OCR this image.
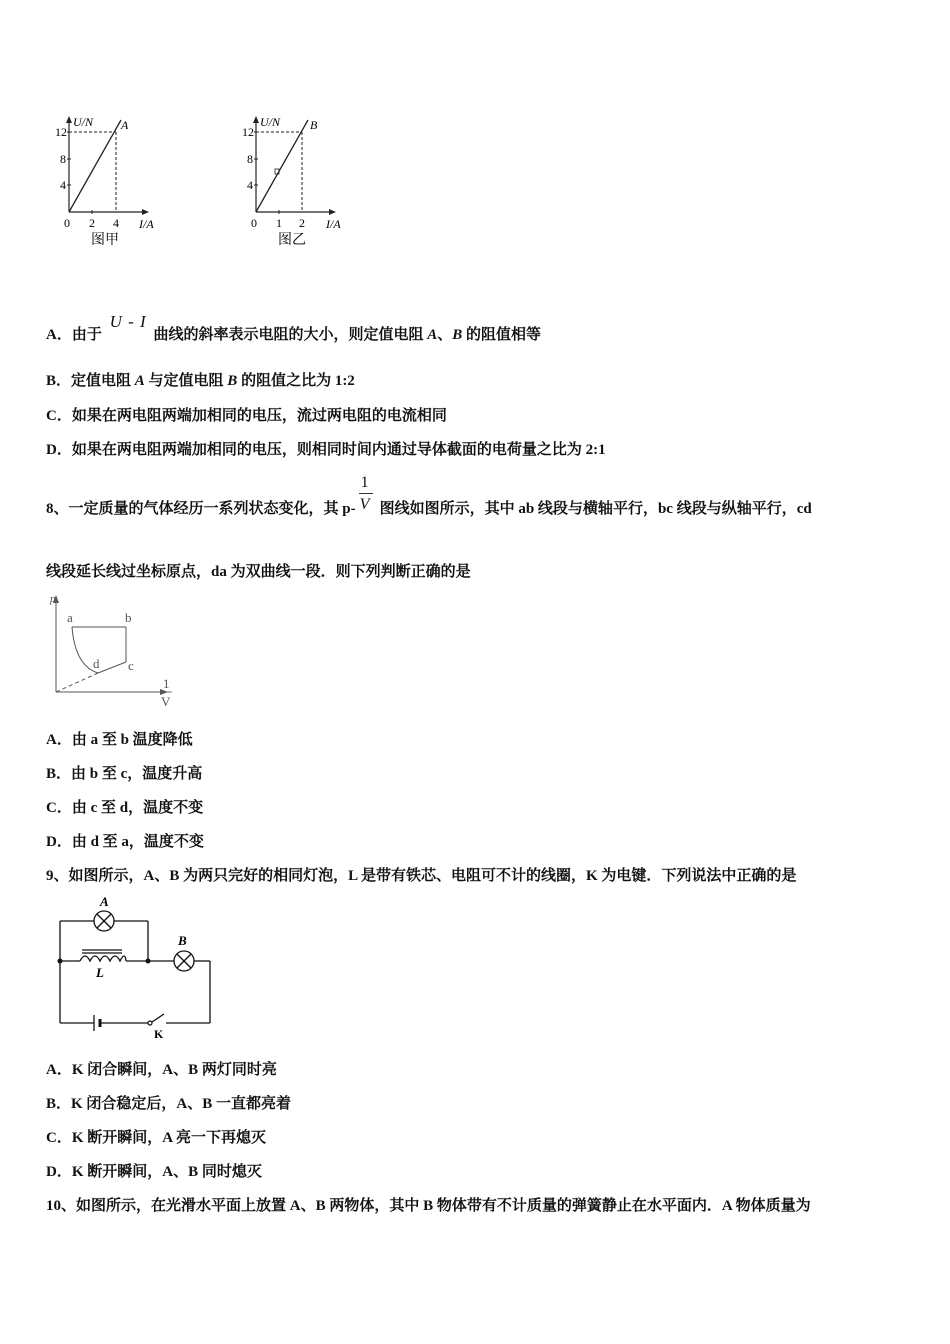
U/N A
12
8
4
0 2 4 I/A
图甲
U/N B
12
8
4
0 1 2 I/A
图乙
A．由于 U - I 曲线的斜率表示电阻的大小，则定值电阻 A、B 的阻值相等
B．定值电阻 A 与定值电阻 B 的阻值之比为 1:2
C．如果在两电阻两端加相同的电压，流过两电阻的电流相同
D．如果在两电阻两端加相同的电压，则相同时间内通过导体截面的电荷量之比为 2:1
8、一定质量的气体经历一系列状态变化，其 $p- \frac{1}{V}$ 图线如图所示，其中 ab 线段与横轴平行，bc 线段与纵轴平行，cd
线段延长线过坐标原点，da 为双曲线一段．则下列判断正确的是
p
a	b
c
d
1
V
A．由 a 至 b 温度降低
B．由 b 至 c，温度升高
C．由 c 至 d，温度不变
D．由 d 至 a，温度不变
9、如图所示，A、B 为两只完好的相同灯泡，L 是带有铁芯、电阻可不计的线圈，K 为电键．下列说法中正确的是
A
L
B
K
A．K 闭合瞬间，A、B 两灯同时亮
B．K 闭合稳定后，A、B 一直都亮着
C．K 断开瞬间，A 亮一下再熄灭
D．K 断开瞬间，A、B 同时熄灭
10、如图所示，在光滑水平面上放置 A、B 两物体，其中 B 物体带有不计质量的弹簧静止在水平面内．A 物体质量为
